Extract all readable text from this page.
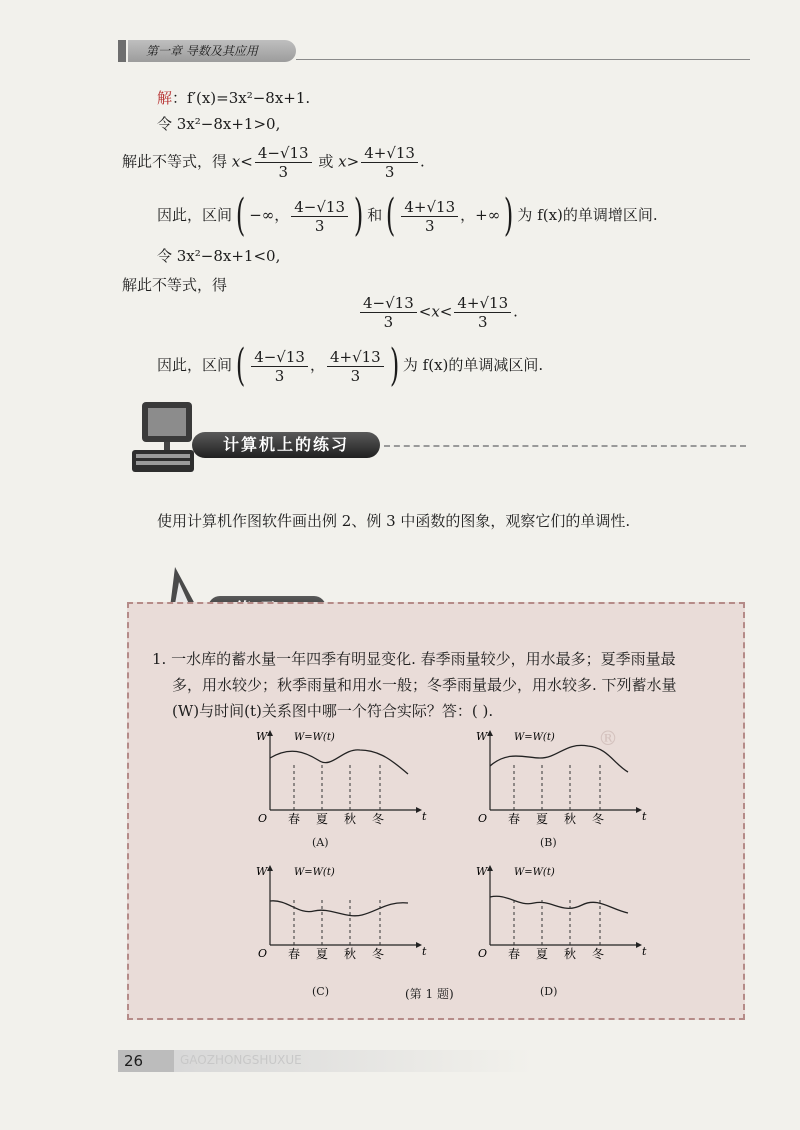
第一章 导数及其应用
解：f′(x)=3x²−8x+1.
令 3x²−8x+1>0,
解此不等式，得 $x< \frac{4-√13}{3}$ 或 $x> \frac{4+√13}{3}$ .
因此，区间( −∞， $\frac{4-√13}{3}$ ) 和( $\frac{4+√13}{3}$ ，+∞) 为 f(x)的单调增区间.
令 3x²−8x+1<0,
解此不等式，得
$\frac{4-√13}{3} <x< \frac{4+√13}{3}$ .
因此，区间( $\frac{4-√13}{3}$ ， $\frac{4+√13}{3}$ ) 为 f(x)的单调减区间.
计算机上的练习
使用计算机作图软件画出例 2、例 3 中函数的图象，观察它们的单调性.
1. 一水库的蓄水量一年四季有明显变化. 春季雨量较少，用水最多；夏季雨量最
多，用水较少；秋季雨量和用水一般；冬季雨量最少，用水较多. 下列蓄水量
(W)与时间(t)关系图中哪一个符合实际？答：( ).
®
W
t
O
W=W(t)
春 夏 秋 冬
(A)
W
t
O
W=W(t)
春 夏 秋 冬
(B)
W
t
O
W=W(t)
春 夏 秋 冬
(C)
W
t
O
W=W(t)
春 夏 秋 冬
(D)
(第 1 题)
26	GAOZHONGSHUXUE
